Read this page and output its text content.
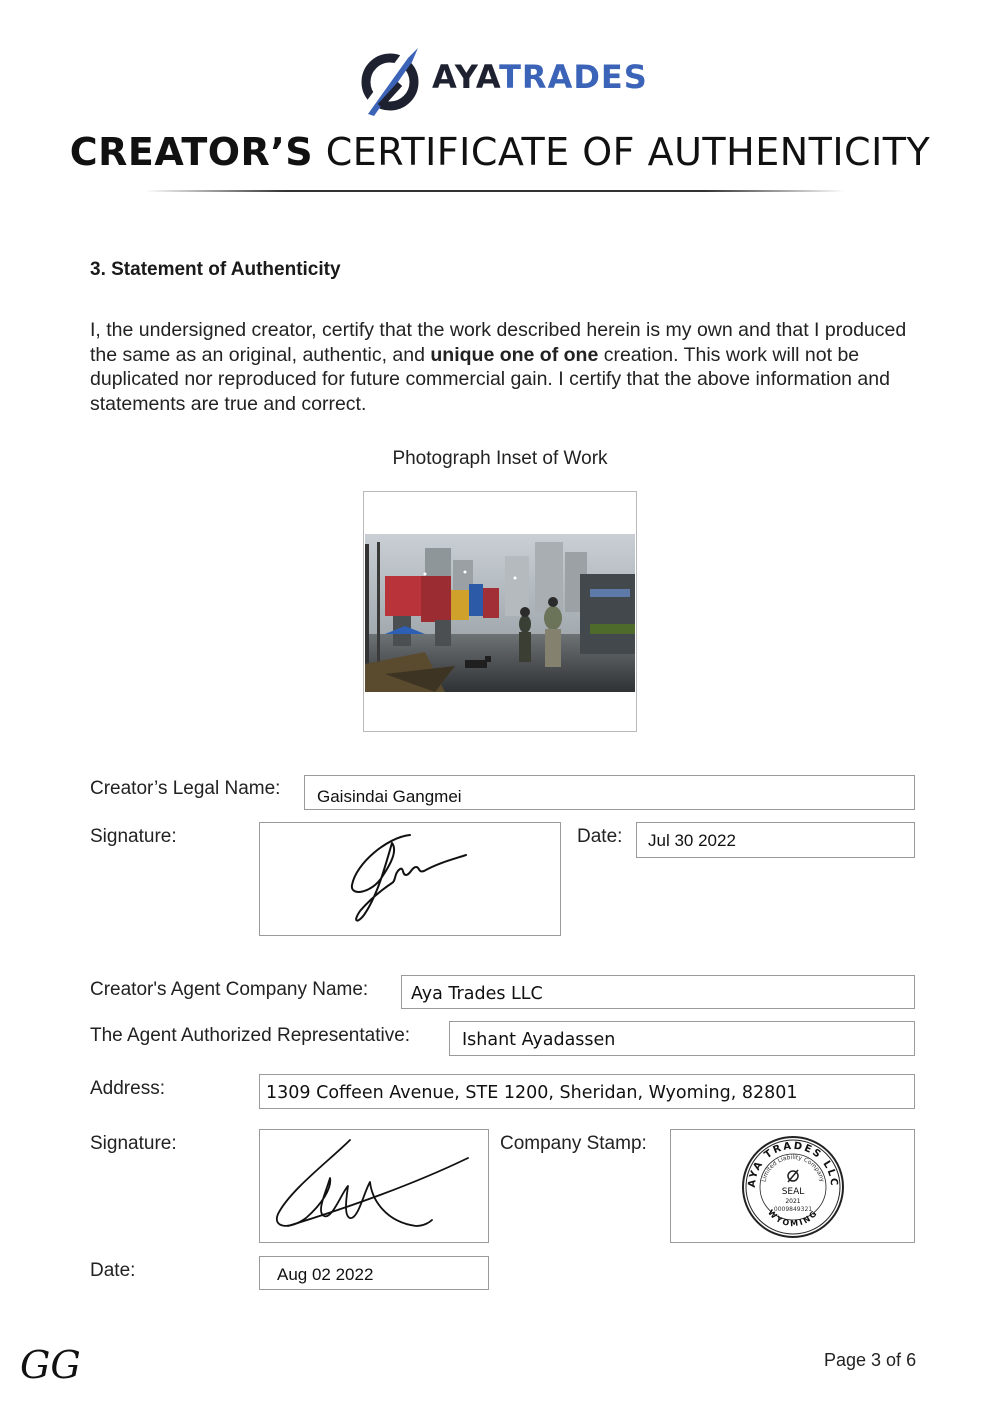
AYATRADES
CREATOR’S CERTIFICATE OF AUTHENTICITY
3. Statement of Authenticity
I, the undersigned creator, certify that the work described herein is my own and that I produced the same as an original, authentic, and unique one of one creation. This work will not be duplicated nor reproduced for future commercial gain. I certify that the above information and statements are true and correct.
Photograph Inset of Work
Creator’s Legal Name: Gaisindai Gangmei
Signature:	Date: Jul 30 2022
Creator's Agent Company Name: Aya Trades LLC
The Agent Authorized Representative:	Ishant Ayadassen
Address:	1309 Coffeen Avenue, STE 1200, Sheridan, Wyoming, 82801
Signature:	Company Stamp:
AYA TRADES LLC
Limited Liability Company
WYOMING
SEAL
2021
0009849321
Date:	Aug 02 2022
GG	Page 3 of 6
